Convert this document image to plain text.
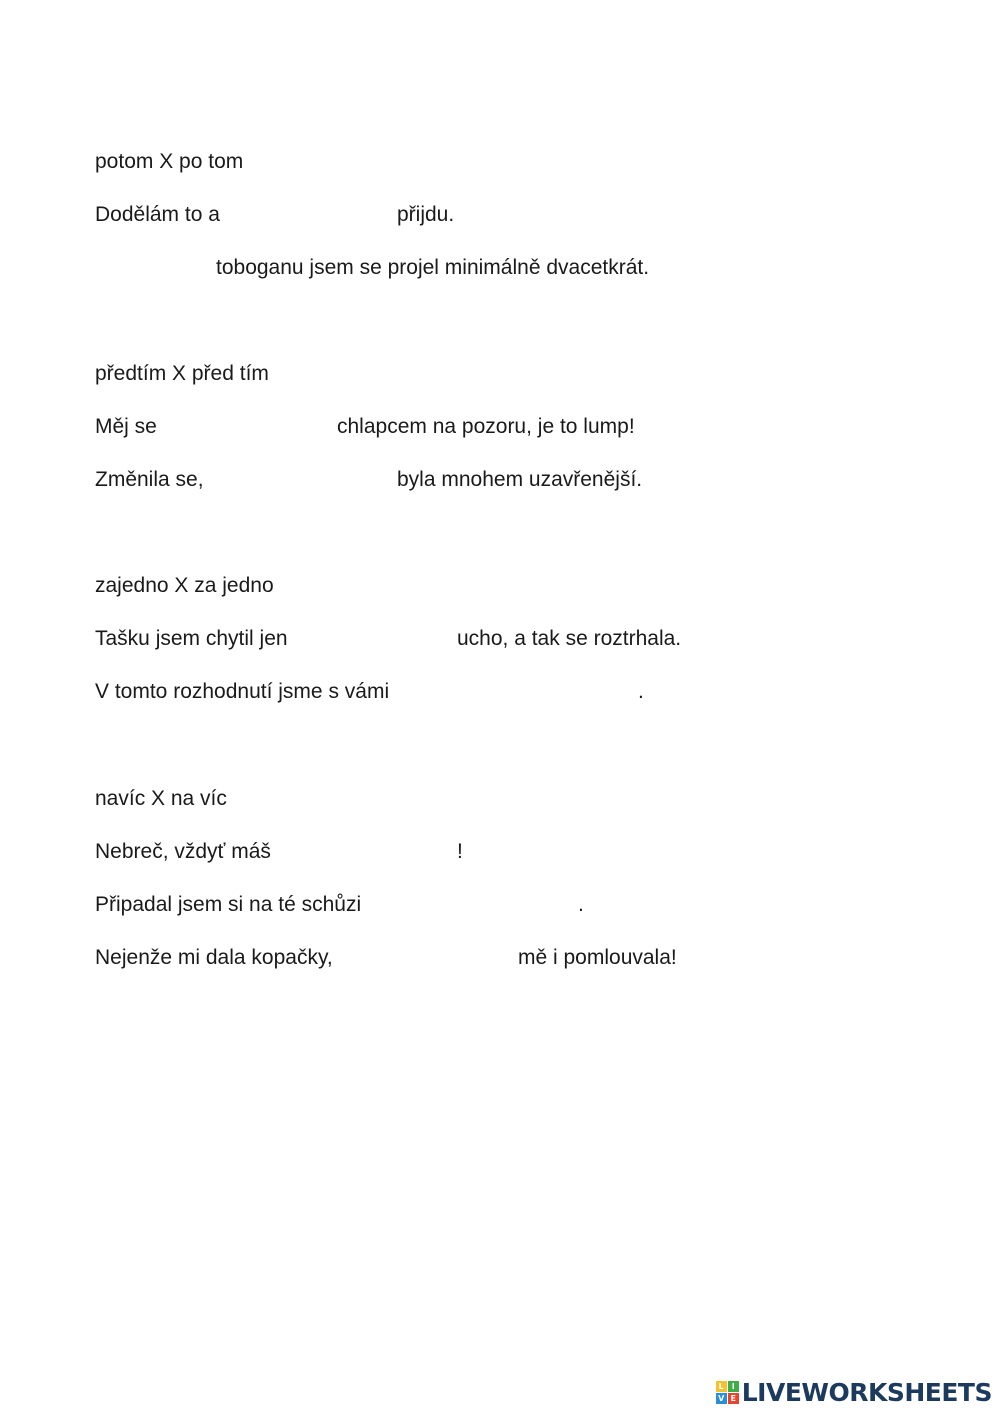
potom X po tom
Dodělám to a	přijdu.
toboganu jsem se projel minimálně dvacetkrát.
předtím X před tím
Měj se	chlapcem na pozoru, je to lump!
Změnila se,	byla mnohem uzavřenější.
zajedno X za jedno
Tašku jsem chytil jen	ucho, a tak se roztrhala.
V tomto rozhodnutí jsme s vámi	.
navíc X na víc
Nebreč, vždyť máš	!
Připadal jsem si na té schůzi	.
Nejenže mi dala kopačky,	mě i pomlouvala!
L I
V E LIVEWORKSHEETS
